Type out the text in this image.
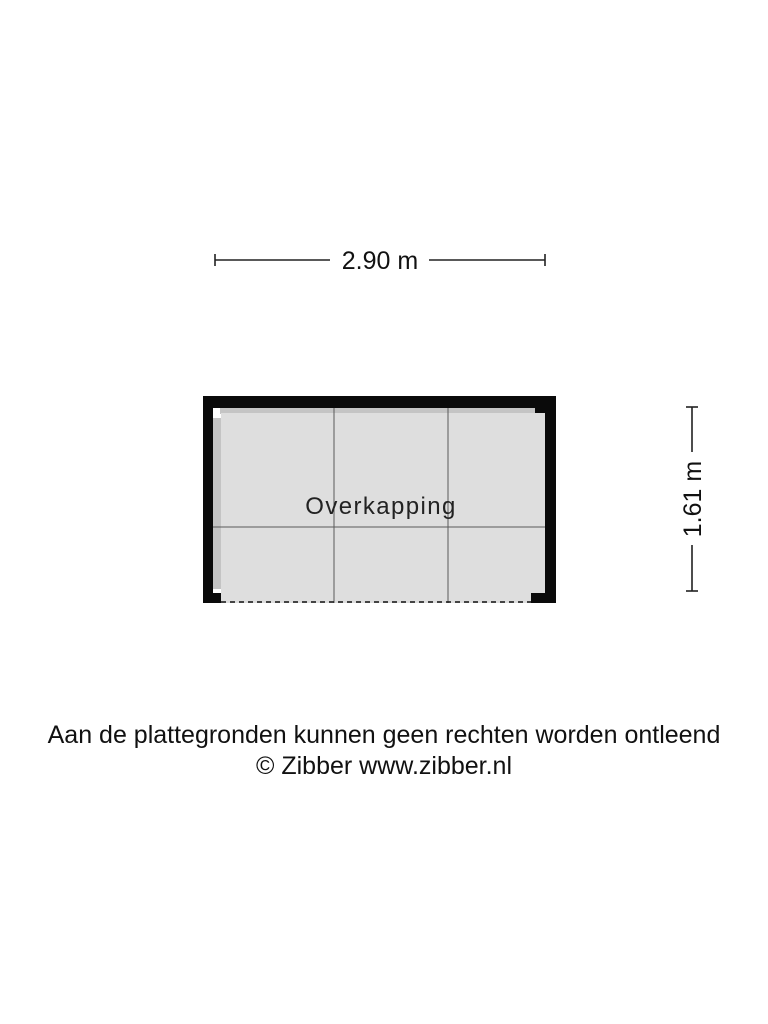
2.90 m
1.61 m
Overkapping
Aan de plattegronden kunnen geen rechten worden ontleend
© Zibber www.zibber.nl
